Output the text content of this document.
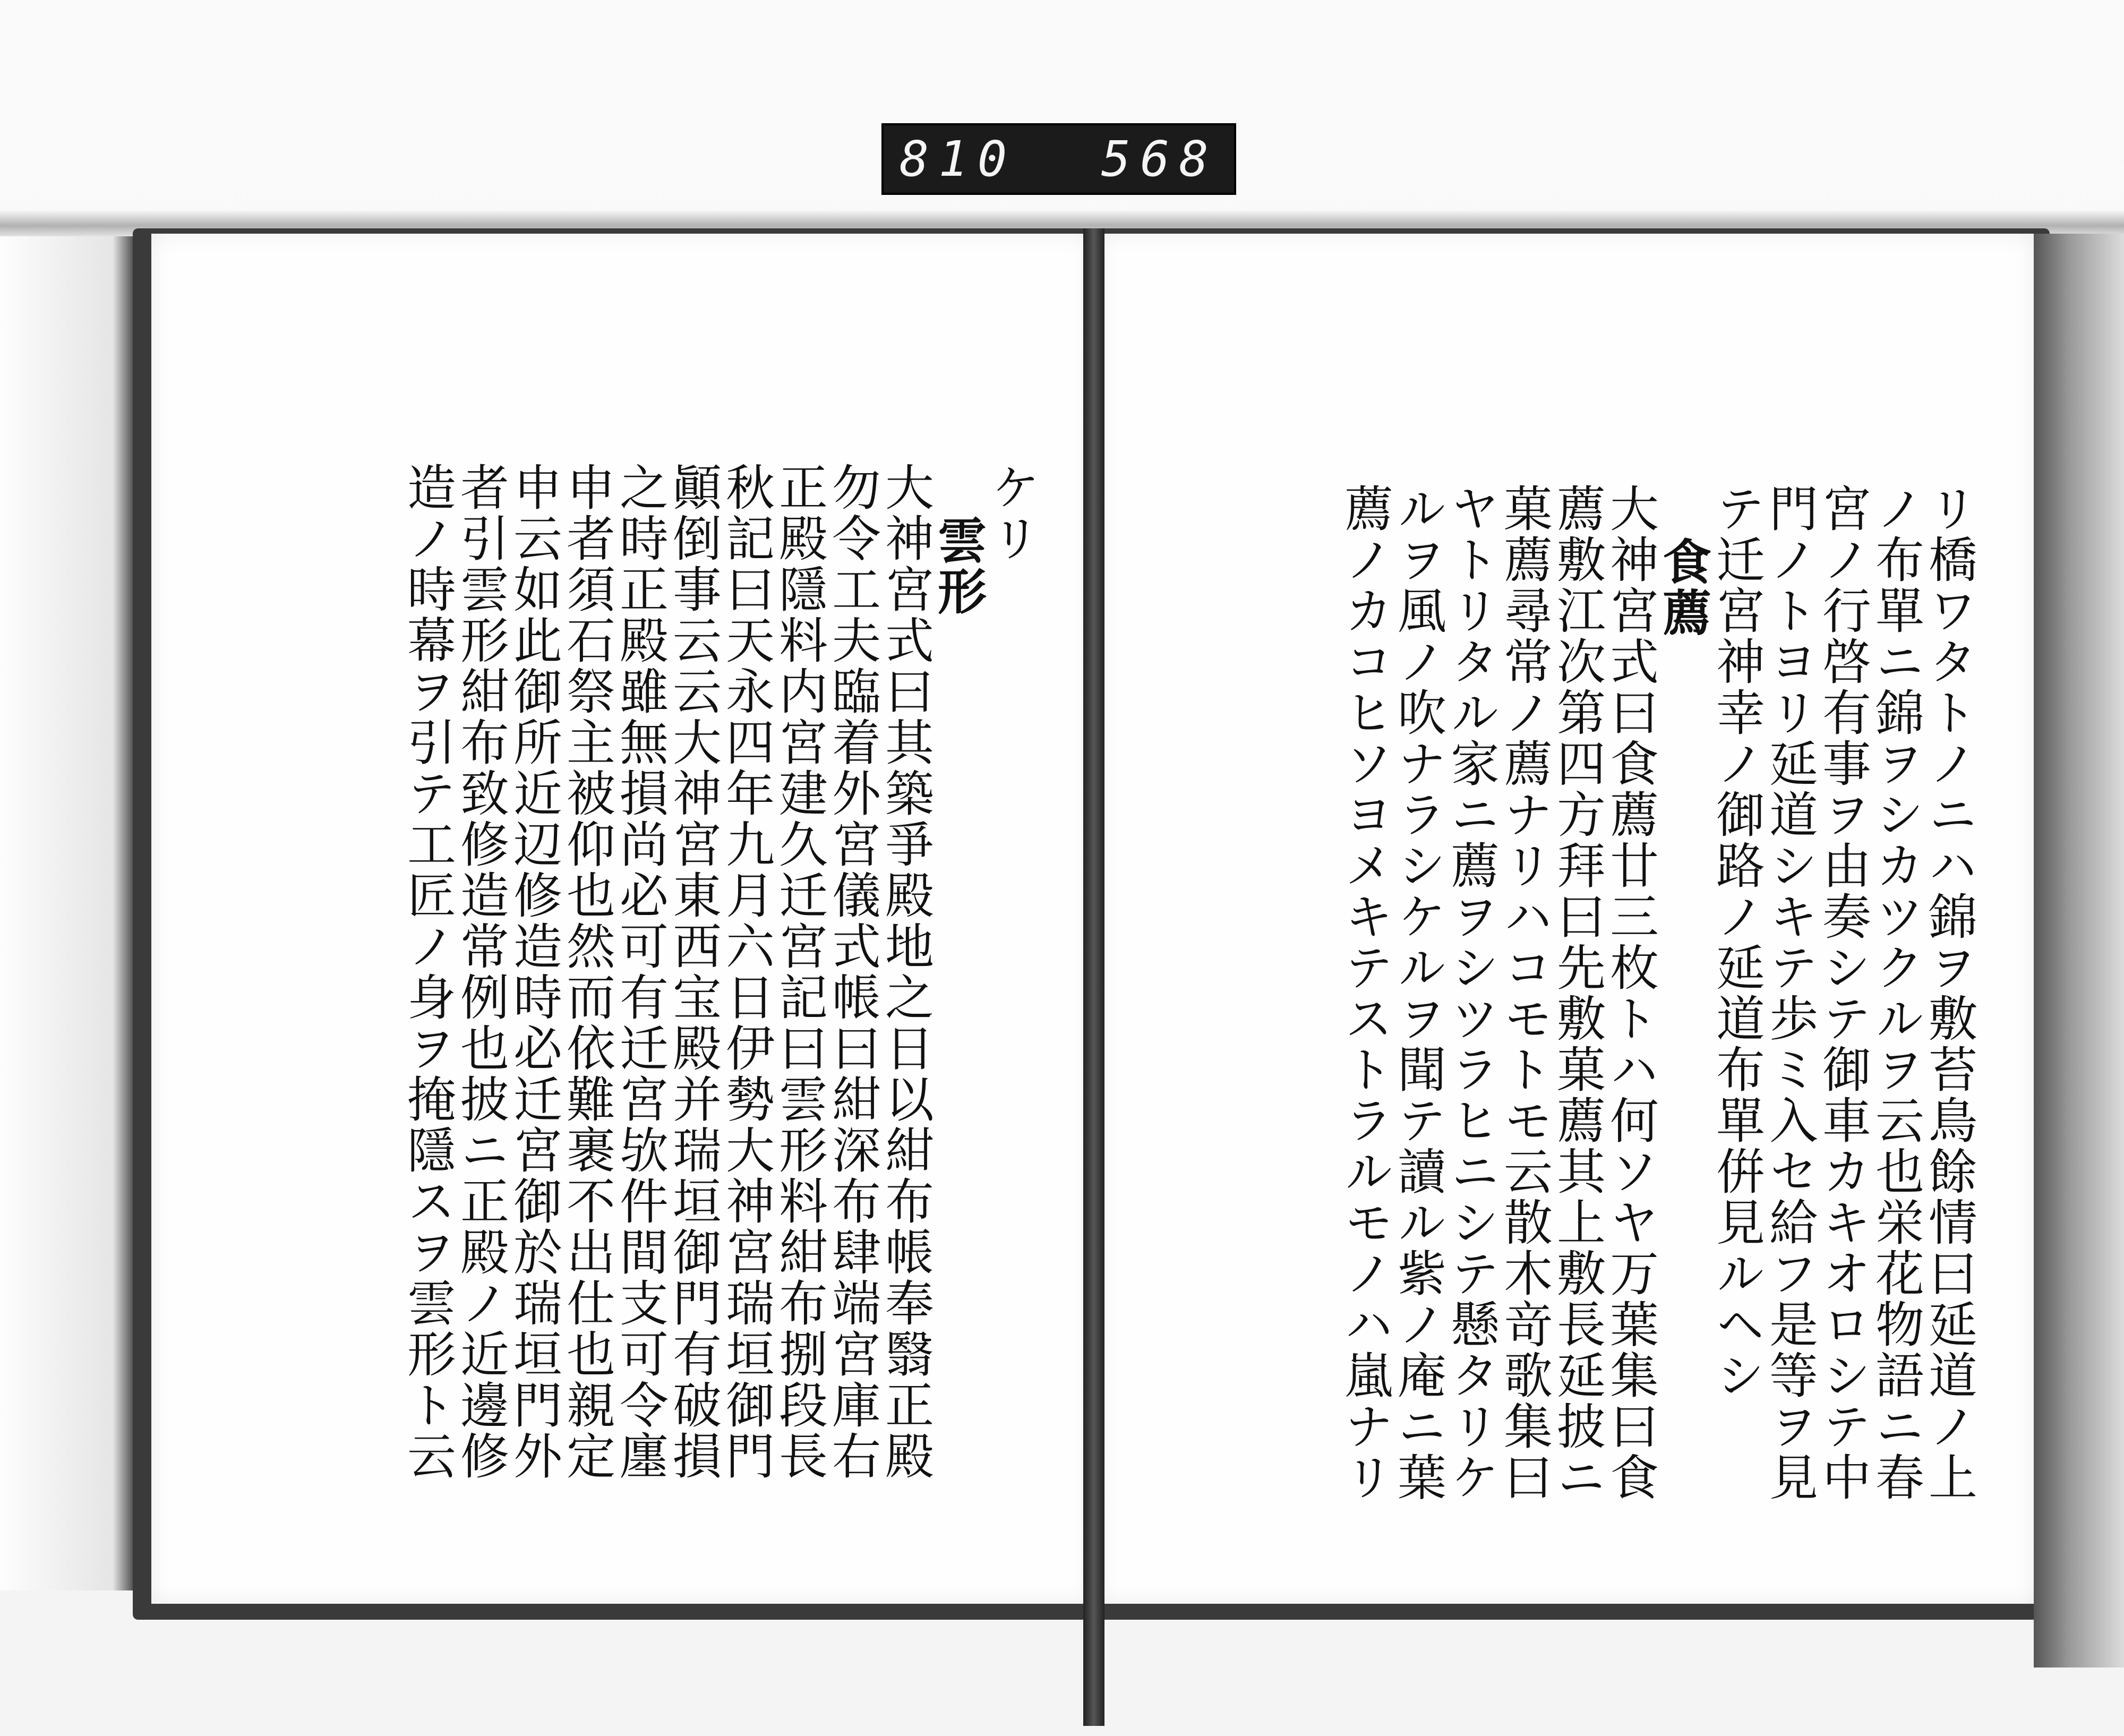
810 568
リ橋ワタトノニハ錦ヲ敷苔鳥餘情曰延道ノ上
ノ布單ニ錦ヲシカツクルヲ云也栄花物語ニ春
宮ノ行啓有事ヲ由奏シテ御車カキオロシテ中
門ノトヨリ延道シキテ歩ミ入セ給フ是等ヲ見
テ迁宮神幸ノ御路ノ延道布單倂見ルヘシ
食薦
大神宮式曰食薦廿三枚トハ何ソヤ万葉集曰食
薦敷江次第四方拜曰先敷菓薦其上敷長延披ニ
菓薦尋常ノ薦ナリハコモトモ云散木竒歌集曰
ヤトリタル家ニ薦ヲシツラヒニシテ懸タリケ
ルヲ風ノ吹ナラシケルヲ聞テ讀ル紫ノ庵ニ葉
薦ノカコヒソヨメキテストラルモノハ嵐ナリ
ケリ
雲形
大神宮式曰其築爭殿地之日以紺布帳奉翳正殿
勿令工夫臨着外宮儀式帳曰紺深布肆端宮庫右
正殿隱料内宮建久迁宮記曰雲形料紺布捌段長
秋記曰天永四年九月六日伊勢大神宮瑞垣御門
顚倒事云云大神宮東西宝殿并瑞垣御門有破損
之時正殿雖無損尚必可有迁宮欤件間支可令廛
申者須石祭主被仰也然而依難裹不出仕也親定
申云如此御所近辺修造時必迁宮御於瑞垣門外
者引雲形紺布致修造常例也披ニ正殿ノ近邊修
造ノ時幕ヲ引テ工匠ノ身ヲ掩隱スヲ雲形ト云
